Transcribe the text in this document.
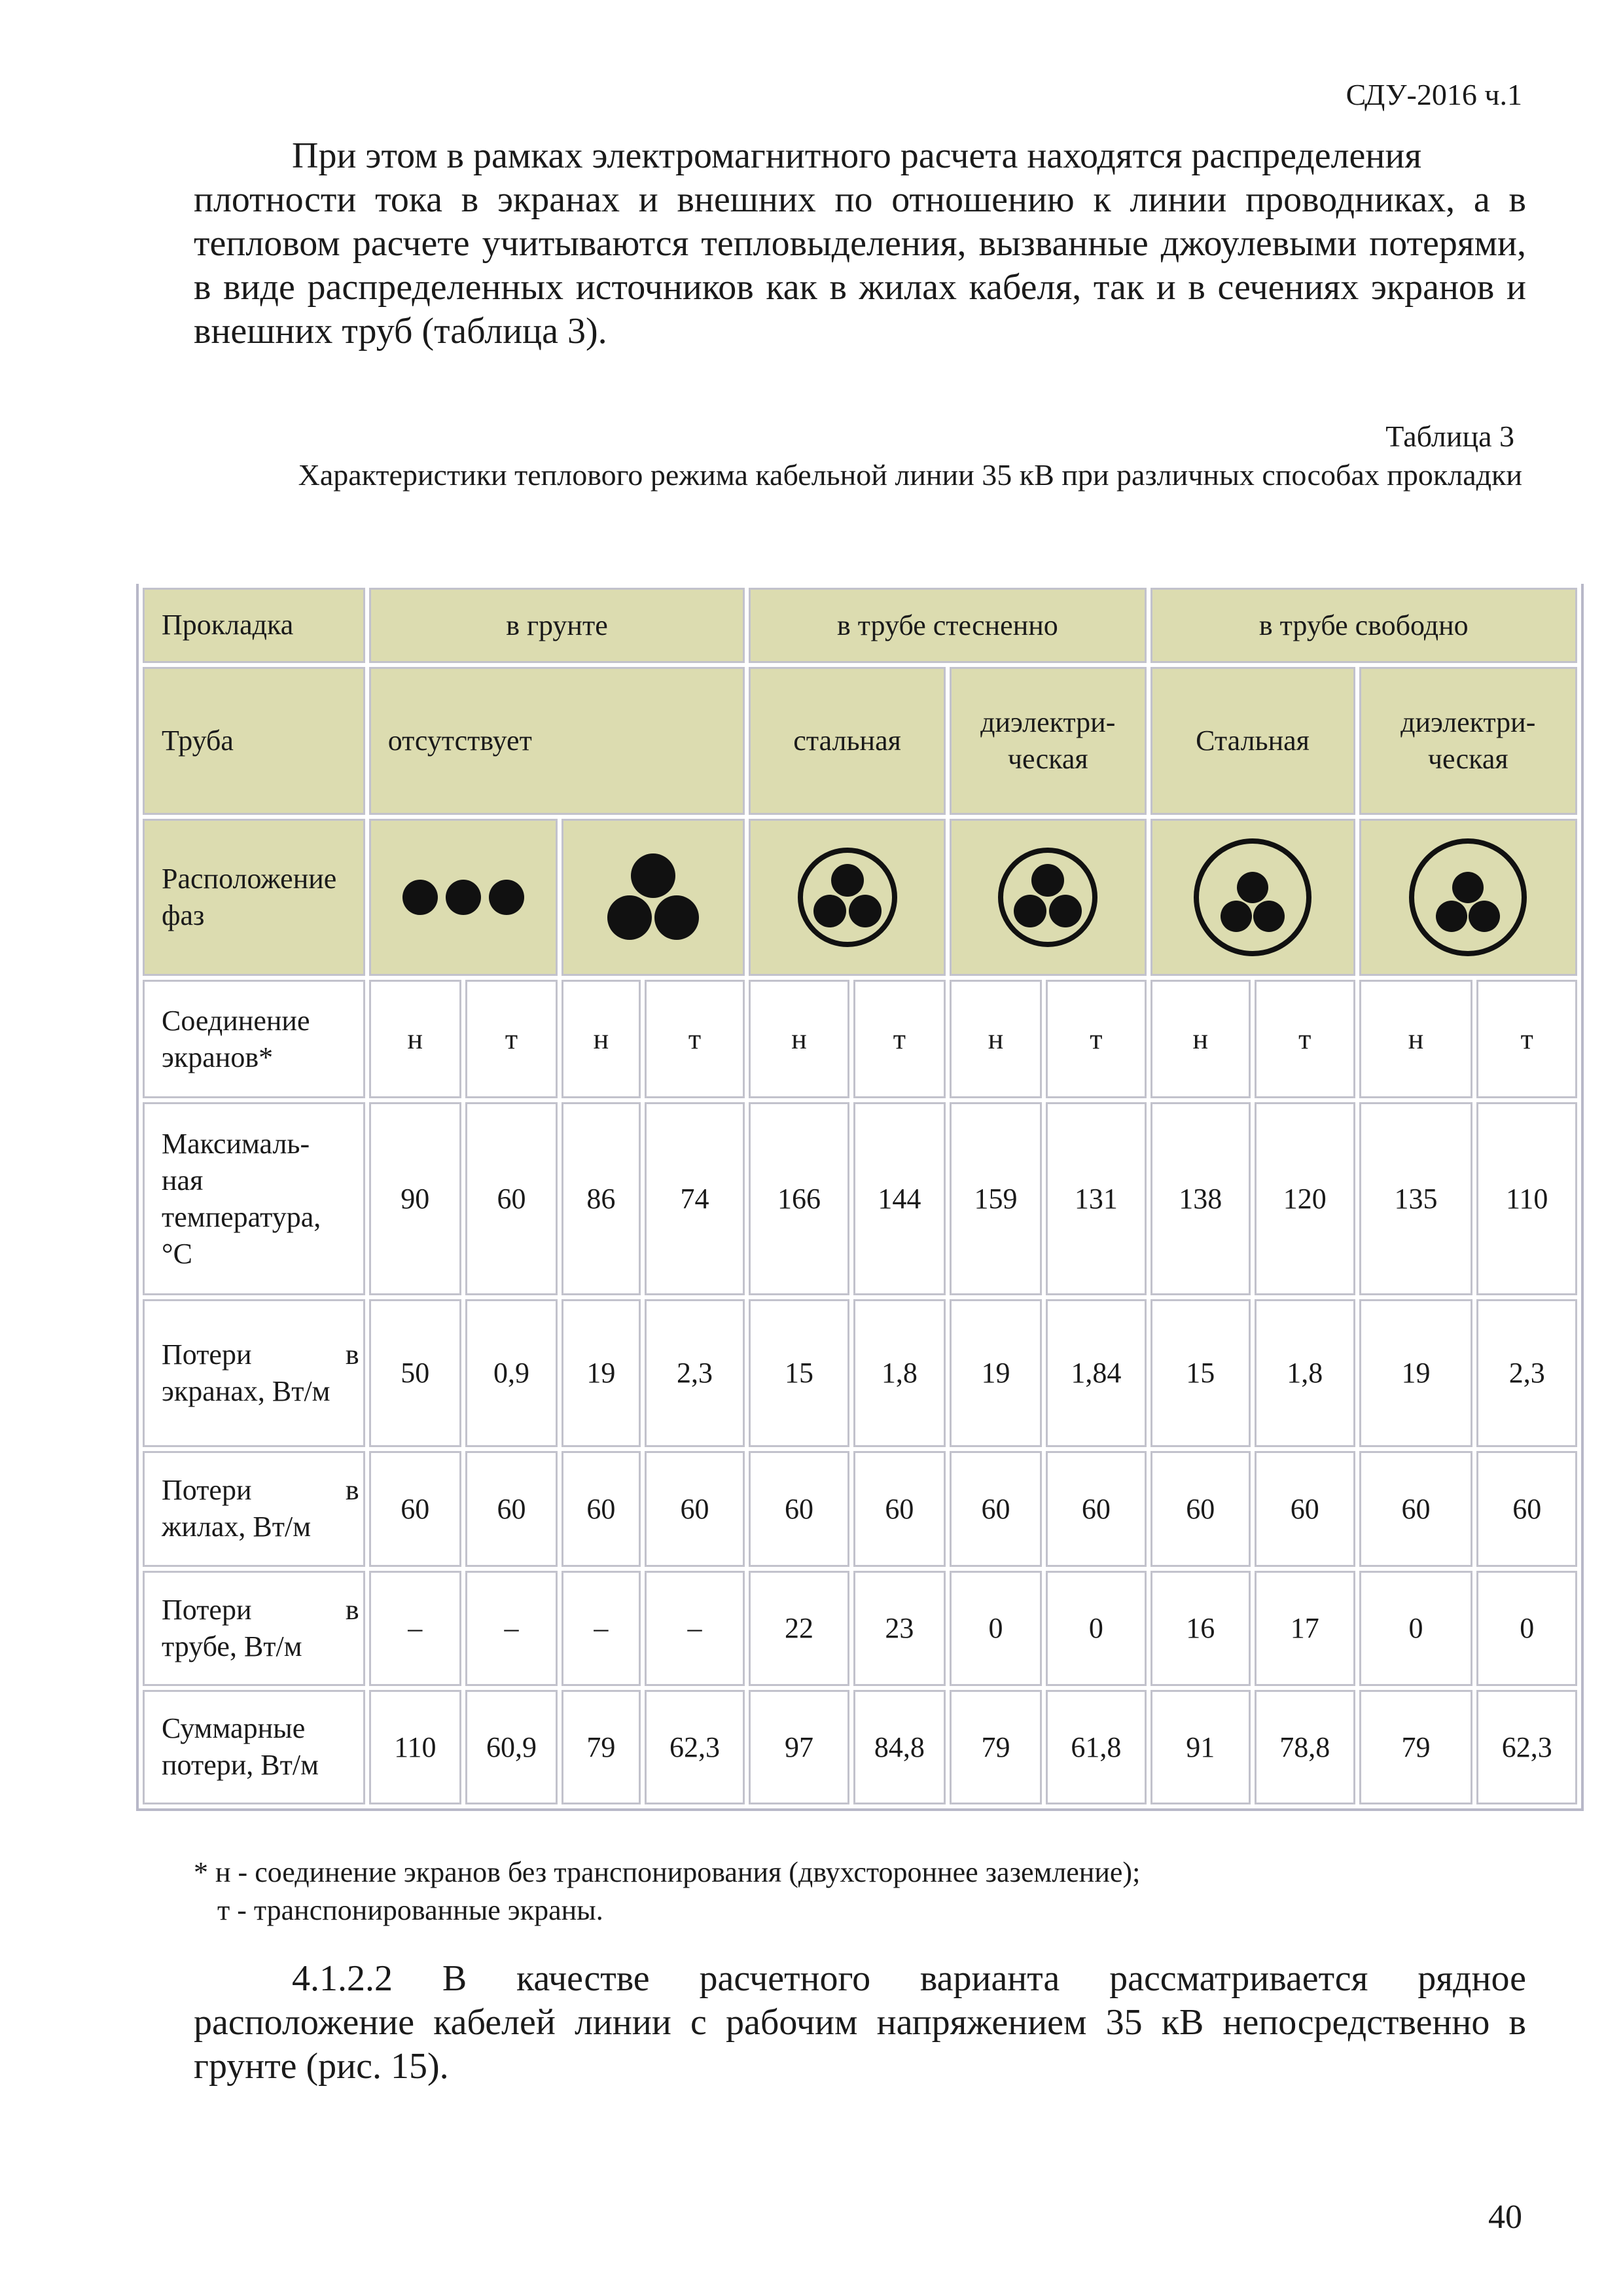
СДУ-2016 ч.1
При этом в рамках электромагнитного расчета находятся распределения
плотности тока в экранах и внешних по отношению к линии проводниках, а в тепловом расчете учитываются тепловыделения, вызванные джоулевыми потерями, в виде распределенных источников как в жилах кабеля, так и в сечениях экранов и внешних труб (таблица 3).
Таблица 3
Характеристики теплового режима кабельной линии 35 кВ при различных способах прокладки
Прокладка	в грунте				в трубе стесненно				в трубе свободно			
Труба	отсутствует				стальная		диэлектри-ческая		Стальная		диэлектри-ческая	
Расположение фаз	

Соединение экранов*	н	т	н	т	н	т	н	т	н	т	н	т

Максималь-
ная
температура,
°С	90	60	86	74	166	144	159	131	138	120	135	110

Потери в
экранах, Вт/м	50	0,9	19	2,3	15	1,8	19	1,84	15	1,8	19	2,3

Потери в
жилах, Вт/м	60	60	60	60	60	60	60	60	60	60	60	60

Потери в
трубе, Вт/м	–	–	–	–	22	23	0	0	16	17	0	0

Суммарные
потери, Вт/м	110	60,9	79	62,3	97	84,8	79	61,8	91	78,8	79	62,3
* н - соединение экранов без транспонирования (двухстороннее заземление);
т - транспонированные экраны.
4.1.2.2 В качестве расчетного варианта рассматривается рядное
расположение кабелей линии с рабочим напряжением 35 кВ непосредственно в грунте (рис. 15).
40
